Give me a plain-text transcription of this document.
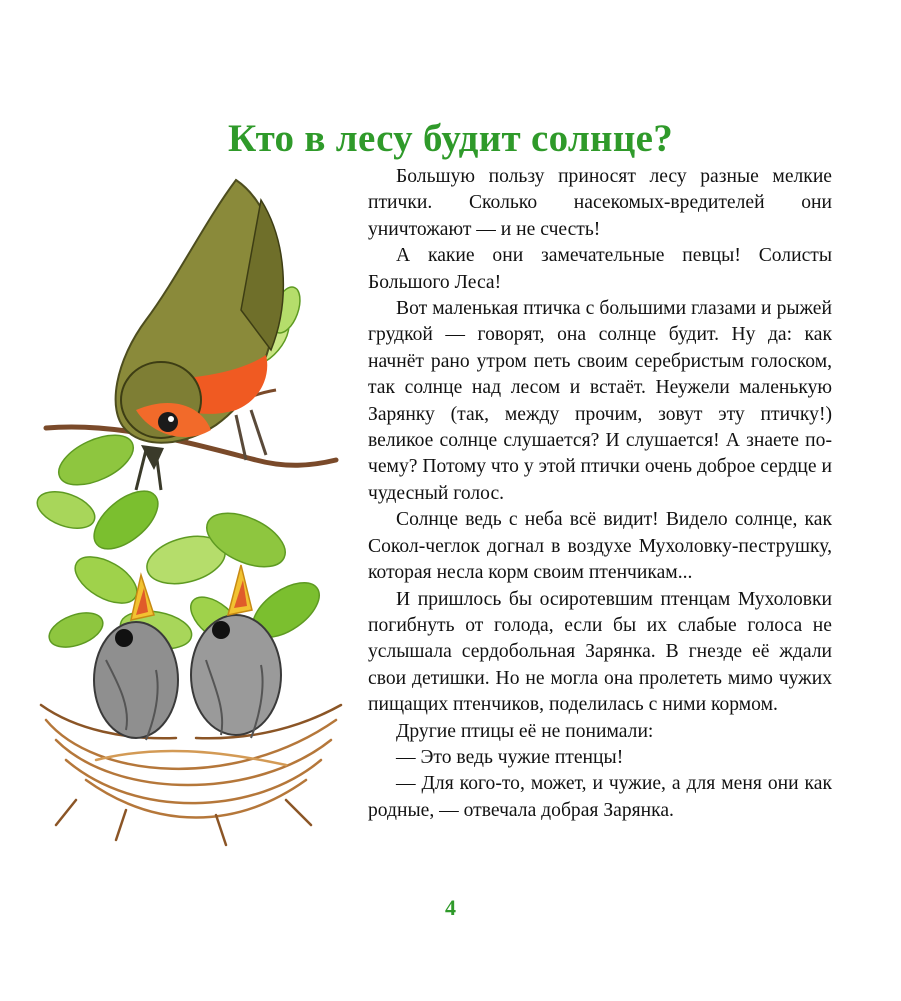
Кто в лесу будит солнце?

Большую пользу приносят лесу разные мелкие птички. Сколько насекомых-вредителей они уничтожают — и не счесть!

А какие они замечательные певцы! Солисты Большого Леса!

Вот маленькая птичка с большими глазами и рыжей грудкой — говорят, она солнце будит. Ну да: как начнёт рано утром петь своим серебристым голоском, так солнце над лесом и встаёт. Неужели маленькую Зарянку (так, между прочим, зовут эту птичку!) великое солнце слушается? И слушается! А знаете почему? Потому что у этой птички очень доброе сердце и чудесный голос.

Солнце ведь с неба всё видит! Видело солнце, как Сокол-чеглок догнал в воздухе Мухоловку-пеструшку, которая несла корм своим птенчикам...

И пришлось бы осиротевшим птенцам Мухоловки погибнуть от голода, если бы их слабые голоса не услышала сердобольная Зарянка. В гнезде её ждали свои детишки. Но не могла она пролететь мимо чужих пищащих птенчиков, поделилась с ними кормом.

Другие птицы её не понимали:

— Это ведь чужие птенцы!

— Для кого-то, может, и чужие, а для меня они как родные, — отвечала добрая Зарянка.

4
